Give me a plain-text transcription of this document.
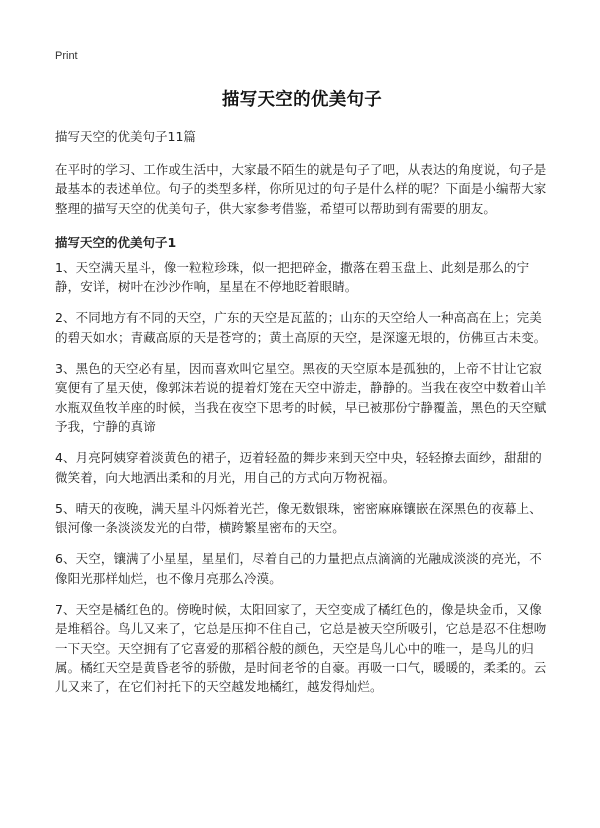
Print
描写天空的优美句子
描写天空的优美句子11篇

在平时的学习、工作或生活中，大家最不陌生的就是句子了吧，从表达的角度说，句子是最基本的表述单位。句子的类型多样，你所见过的句子是什么样的呢？下面是小编帮大家整理的描写天空的优美句子，供大家参考借鉴，希望可以帮助到有需要的朋友。

描写天空的优美句子1

1、天空满天星斗，像一粒粒珍珠，似一把把碎金，撒落在碧玉盘上、此刻是那么的宁静，安详，树叶在沙沙作响，星星在不停地眨着眼睛。

2、不同地方有不同的天空，广东的天空是瓦蓝的；山东的天空给人一种高高在上；完美的碧天如水；青藏高原的天是苍穹的；黄土高原的天空，是深邃无垠的，仿佛亘古未变。

3、黑色的天空必有星，因而喜欢叫它星空。黑夜的天空原本是孤独的，上帝不甘让它寂寞便有了星天使，像郭沫若说的提着灯笼在天空中游走，静静的。当我在夜空中数着山羊水瓶双鱼牧羊座的时候，当我在夜空下思考的时候，早已被那份宁静覆盖，黑色的天空赋予我，宁静的真谛

4、月亮阿姨穿着淡黄色的裙子，迈着轻盈的舞步来到天空中央，轻轻撩去面纱，甜甜的微笑着，向大地洒出柔和的月光，用自己的方式向万物祝福。

5、晴天的夜晚，满天星斗闪烁着光芒，像无数银珠，密密麻麻镶嵌在深黑色的夜幕上、银河像一条淡淡发光的白带，横跨繁星密布的天空。

6、天空，镶满了小星星，星星们，尽着自己的力量把点点滴滴的光融成淡淡的亮光，不像阳光那样灿烂，也不像月亮那么冷漠。

7、天空是橘红色的。傍晚时候，太阳回家了，天空变成了橘红色的，像是块金币，又像是堆稻谷。鸟儿又来了，它总是压抑不住自己，它总是被天空所吸引，它总是忍不住想吻一下天空。天空拥有了它喜爱的那稻谷般的颜色，天空是鸟儿心中的唯一，是鸟儿的归属。橘红天空是黄昏老爷的骄傲，是时间老爷的自豪。再吸一口气，暖暖的，柔柔的。云儿又来了，在它们衬托下的天空越发地橘红，越发得灿烂。
